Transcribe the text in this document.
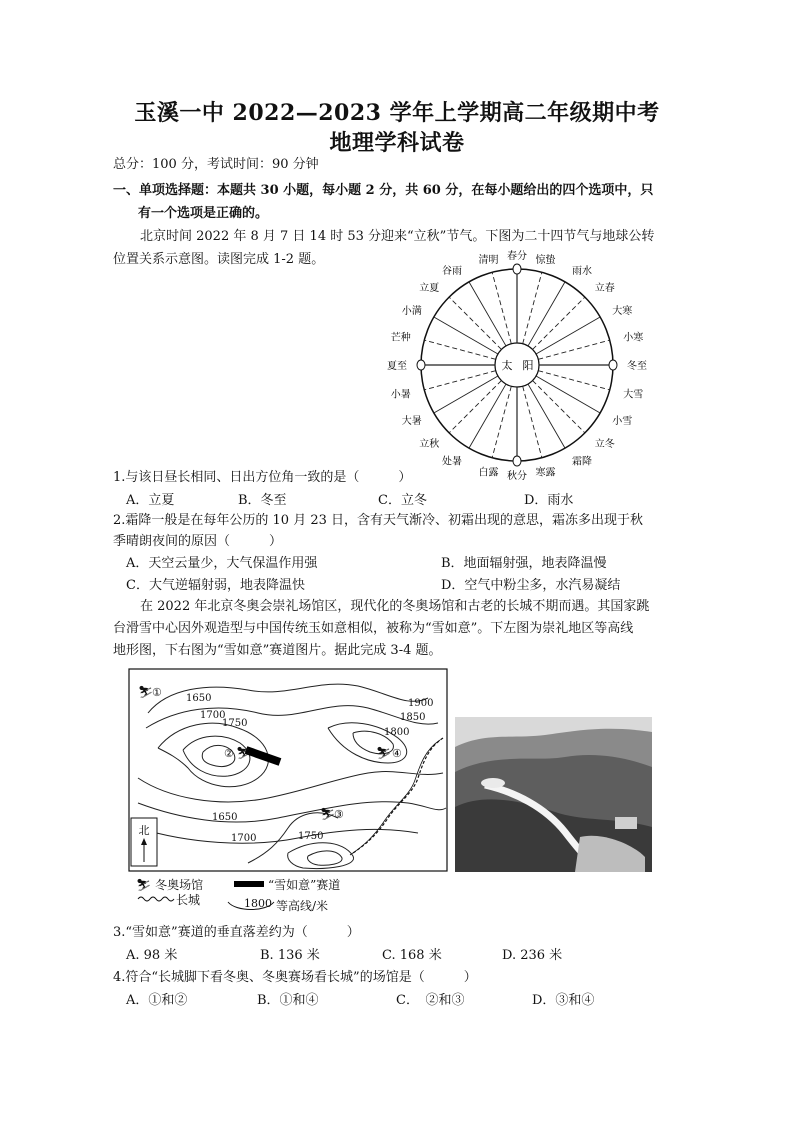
玉溪一中 2022—2023 学年上学期高二年级期中考
地理学科试卷
总分：100 分，考试时间：90 分钟
一、单项选择题：本题共 30 小题，每小题 2 分，共 60 分，在每小题给出的四个选项中，只
有一个选项是正确的。
北京时间 2022 年 8 月 7 日 14 时 53 分迎来“立秋”节气。下图为二十四节气与地球公转
位置关系示意图。读图完成 1-2 题。
太 阳
春分 惊蛰
雨水
立春
大寒
小寒
冬至
大雪
小雪
立冬
霜降
寒露
秋分
白露
处暑
立秋
大暑
小暑
夏至
芒种
小满
立夏
谷雨
清明
1.与该日昼长相同、日出方位角一致的是（　　　）
A．立夏	B．冬至	C．立冬	D．雨水
2.霜降一般是在每年公历的 10 月 23 日，含有天气渐冷、初霜出现的意思，霜冻多出现于秋
季晴朗夜间的原因（　　　）
A．天空云量少，大气保温作用强	B．地面辐射强，地表降温慢
C．大气逆辐射弱，地表降温快	D．空气中粉尘多，水汽易凝结
在 2022 年北京冬奥会崇礼场馆区，现代化的冬奥场馆和古老的长城不期而遇。其国家跳
台滑雪中心因外观造型与中国传统玉如意相似，被称为“雪如意”。下左图为崇礼地区等高线
地形图，下右图为“雪如意”赛道图片。据此完成 3-4 题。
北
1650
1700
1750
1900
1850
1800
1650
1700	1750
⛷
①
② ⛷	⛷ ④
⛷
③
⛷ 冬奥场馆	“雪如意”赛道
长城	1800 等高线/米
3.“雪如意”赛道的垂直落差约为（　　　）
A. 98 米	B. 136 米	C. 168 米	D. 236 米
4.符合“长城脚下看冬奥、冬奥赛场看长城”的场馆是（　　　）
A．①和②	B．①和④	C．　②和③	D．③和④
